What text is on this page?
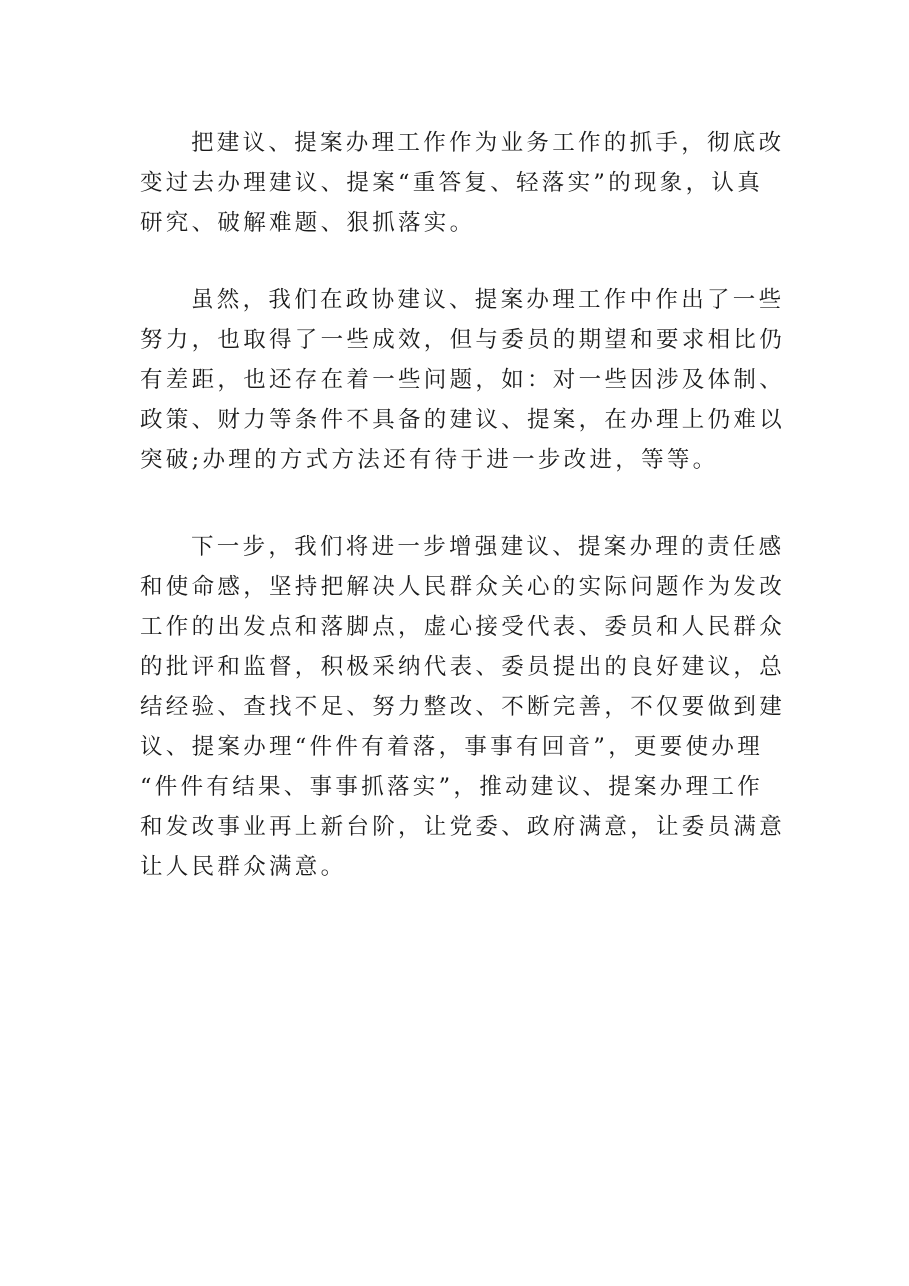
把建议、提案办理工作作为业务工作的抓手，彻底改
变过去办理建议、提案“重答复、轻落实”的现象，认真
研究、破解难题、狠抓落实。
虽然，我们在政协建议、提案办理工作中作出了一些
努力，也取得了一些成效，但与委员的期望和要求相比仍
有差距，也还存在着一些问题，如：对一些因涉及体制、
政策、财力等条件不具备的建议、提案，在办理上仍难以
突破;办理的方式方法还有待于进一步改进，等等。
下一步，我们将进一步增强建议、提案办理的责任感
和使命感，坚持把解决人民群众关心的实际问题作为发改
工作的出发点和落脚点，虚心接受代表、委员和人民群众
的批评和监督，积极采纳代表、委员提出的良好建议，总
结经验、查找不足、努力整改、不断完善，不仅要做到建
议、提案办理“件件有着落，事事有回音”，更要使办理
“件件有结果、事事抓落实”，推动建议、提案办理工作
和发改事业再上新台阶，让党委、政府满意，让委员满意
让人民群众满意。
